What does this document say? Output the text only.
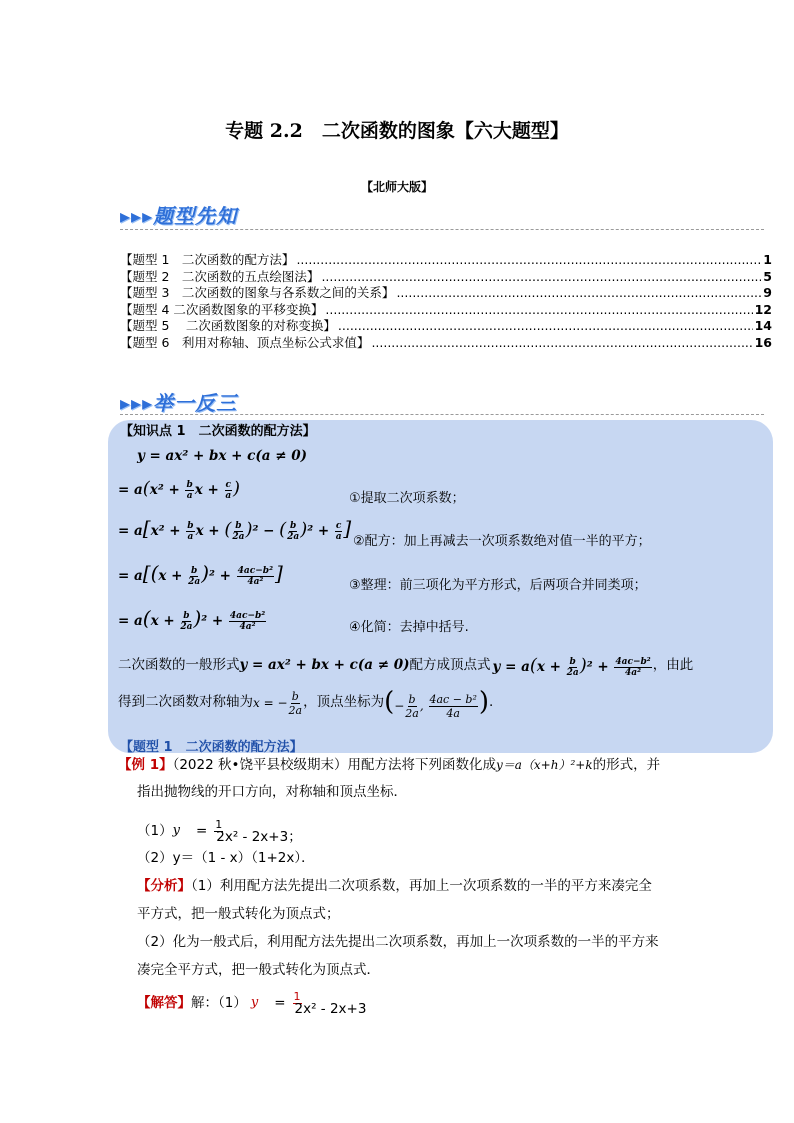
专题 2.2　二次函数的图象【六大题型】
【北师大版】
▸▸▸题型先知
【题型 1　二次函数的配方法】 .....	1
【题型 2　二次函数的五点绘图法】 .....	5
【题型 3　二次函数的图象与各系数之间的关系】 .....	9
【题型 4 二次函数图象的平移变换】 .....	12
【题型 5　 二次函数图象的对称变换】 .....	14
【题型 6　利用对称轴、顶点坐标公式求值】 .....	16
▸▸▸举一反三
【知识点 1　二次函数的配方法】
y = ax² + bx + c(a ≠ 0)
= $a(x^2 + \frac{b}{a}$ $x + \frac{c}{a}$ )
= $a[x^2 + \frac{b}{a}$ x + ( $\frac{b}{2a} )^2$ − ( $\frac{b}{2a} )^2 + \frac{c}{a}$ ]
= $a[(x + \frac{b}{2a} )^2 + \frac{\text{4ac−b²}}{\text{4a²}}$ ]
= $a(x + \frac{b}{2a} )^2 + \frac{\text{4ac−b²}}{\text{4a²}}$
①提取二次项系数；
②配方：加上再减去一次项系数绝对值一半的平方；
③整理：前三项化为平方形式，后两项合并同类项；
④化简：去掉中括号.
二次函数的一般形式 y = ax² + bx + c(a ≠ 0) 配方成顶点式 $y = a(x + \frac{b}{2a} )^2 + \frac{\text{4ac−b²}}{\text{4a²}}$ ，由此
得到二次函数对称轴为 x = − $\frac{b}{2a}$ ，顶点坐标为 (− $\frac{b}{2a}$ , $\frac{\text{4ac − b²}}{4a}$ ) .
【题型 1　二次函数的配方法】
【例 1】（2022 秋•饶平县校级期末）用配方法将下列函数化成y＝a（x+h）²+k的形式，并
指出抛物线的开口方向，对称轴和顶点坐标．
（1） y = 1
2x² - 2x+3；
（2）y＝（1 - x）（1+2x）．
【分析】（1）利用配方法先提出二次项系数，再加上一次项系数的一半的平方来凑完全
平方式，把一般式转化为顶点式；
（2）化为一般式后，利用配方法先提出二次项系数，再加上一次项系数的一半的平方来
凑完全平方式，把一般式转化为顶点式．
【解答】 解：（1） y = 1
2x² - 2x+3
